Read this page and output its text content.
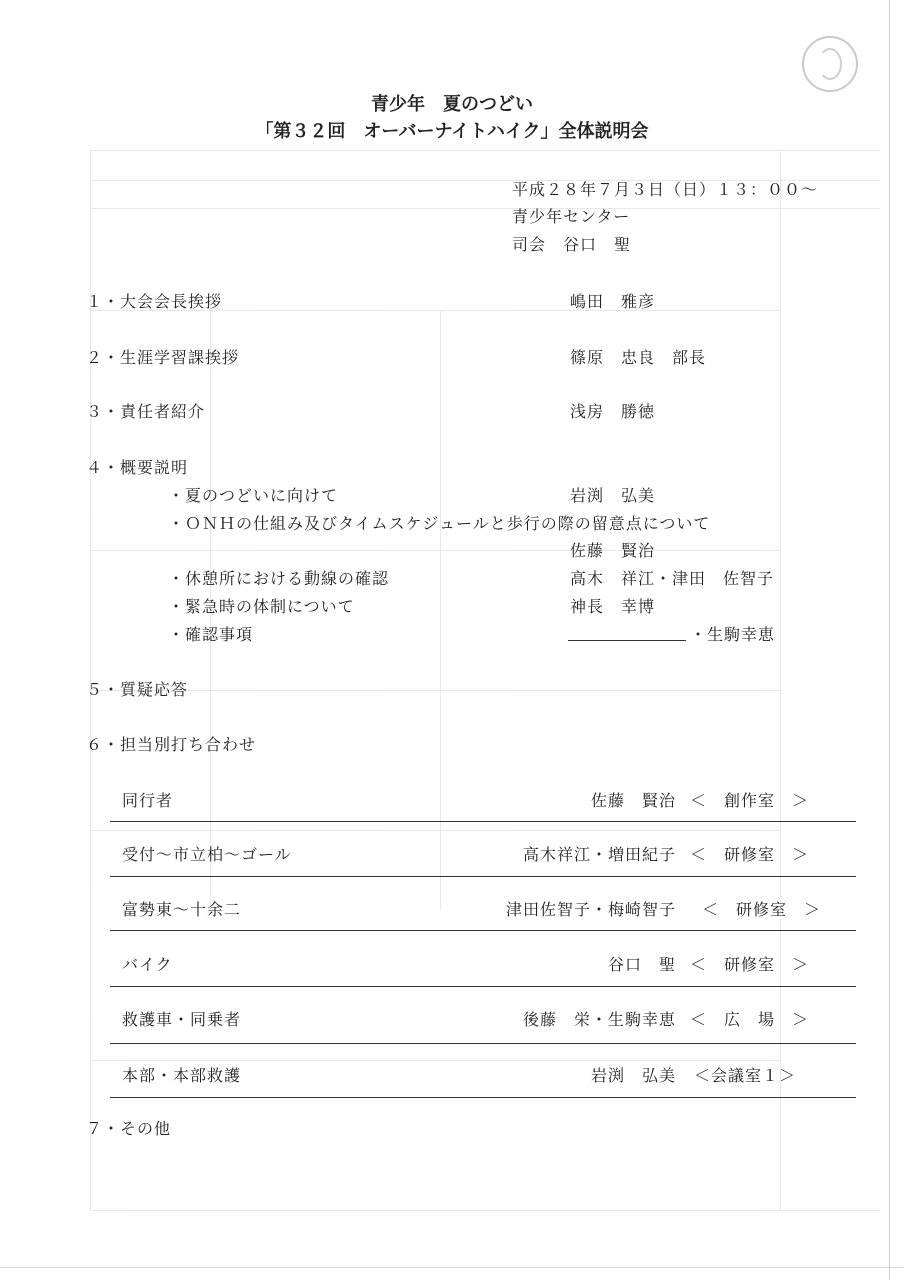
青少年　夏のつどい
「第３２回　オーバーナイトハイク」全体説明会
平成２８年７月３日（日）１３：００～
青少年センター
司会　谷口　聖
１・大会会長挨拶	嶋田　雅彦
２・生涯学習課挨拶	篠原　忠良　部長
３・責任者紹介	浅房　勝徳
４・概要説明
・夏のつどいに向けて	岩渕　弘美
・ＯＮＨの仕組み及びタイムスケジュールと歩行の際の留意点について
佐藤　賢治
・休憩所における動線の確認	高木　祥江・津田　佐智子
・緊急時の体制について	神長　幸博
・確認事項	・生駒幸恵
５・質疑応答
６・担当別打ち合わせ
同行者	佐藤　賢治 ＜　創作室　＞
受付～市立柏～ゴール	高木祥江・増田紀子 ＜　研修室　＞
富勢東～十余二	津田佐智子・梅崎智子 ＜　研修室　＞
バイク	谷口　聖 ＜　研修室　＞
救護車・同乗者	後藤　栄・生駒幸恵 ＜　広　場　＞
本部・本部救護	岩渕　弘美 ＜会議室１＞
７・その他
